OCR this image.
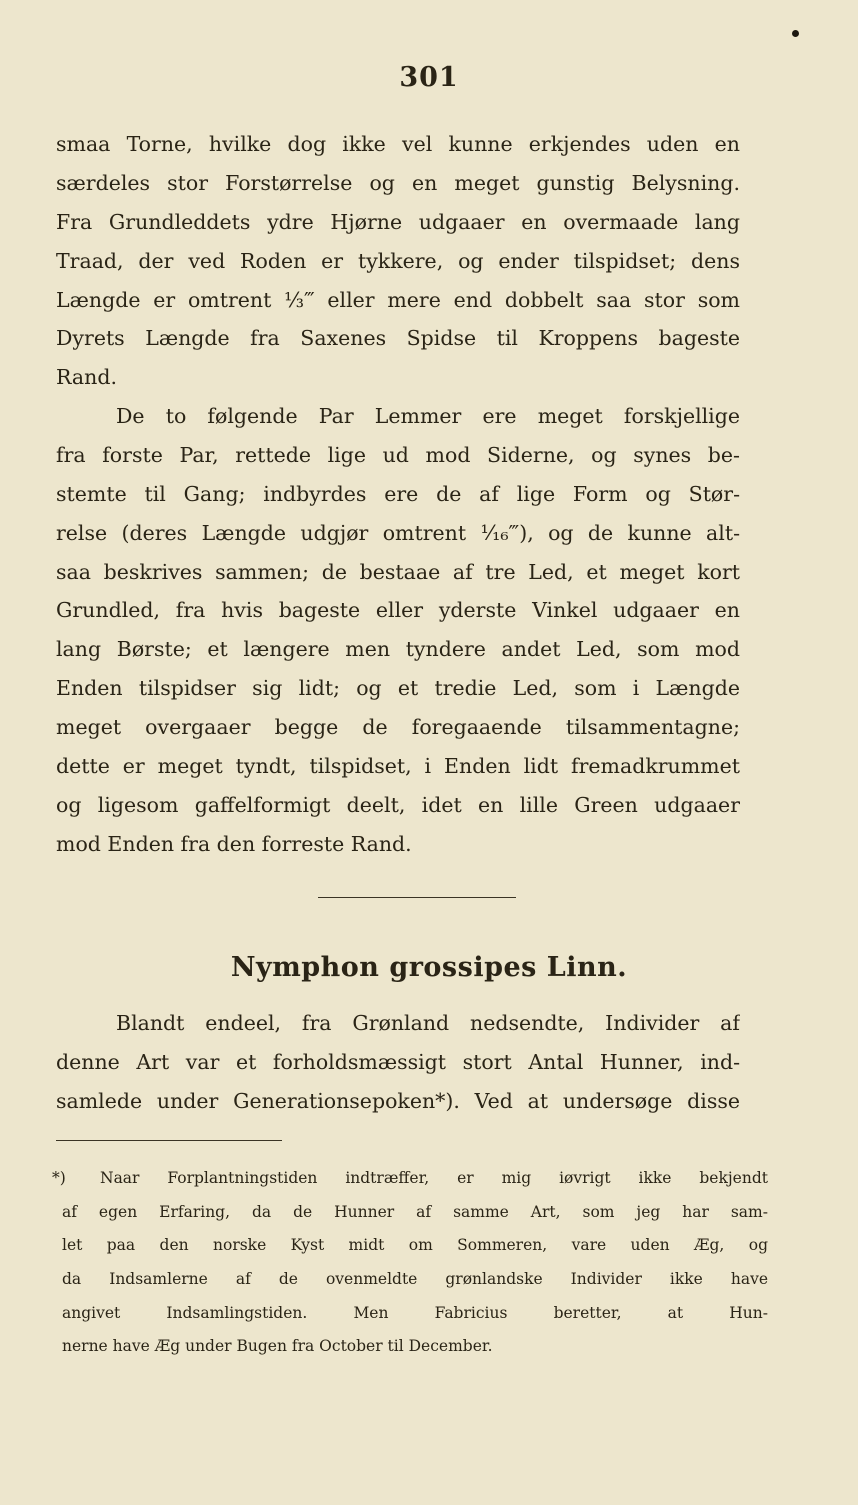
301
smaa Torne, hvilke dog ikke vel kunne erkjendes uden en
særdeles stor Forstørrelse og en meget gunstig Belysning.
Fra Grundleddets ydre Hjørne udgaaer en overmaade lang
Traad, der ved Roden er tykkere, og ender tilspidset; dens
Længde er omtrent ⅓‴ eller mere end dobbelt saa stor som
Dyrets Længde fra Saxenes Spidse til Kroppens bageste
Rand.
De to følgende Par Lemmer ere meget forskjellige
fra forste Par, rettede lige ud mod Siderne, og synes be-
stemte til Gang; indbyrdes ere de af lige Form og Stør-
relse (deres Længde udgjør omtrent ¹⁄₁₆‴), og de kunne alt-
saa beskrives sammen; de bestaae af tre Led, et meget kort
Grundled, fra hvis bageste eller yderste Vinkel udgaaer en
lang Børste; et længere men tyndere andet Led, som mod
Enden tilspidser sig lidt; og et tredie Led, som i Længde
meget overgaaer begge de foregaaende tilsammentagne;
dette er meget tyndt, tilspidset, i Enden lidt fremadkrummet
og ligesom gaffelformigt deelt, idet en lille Green udgaaer
mod Enden fra den forreste Rand.
Nymphon grossipes Linn.
Blandt endeel, fra Grønland nedsendte, Individer af
denne Art var et forholdsmæssigt stort Antal Hunner, ind-
samlede under Generationsepoken*). Ved at undersøge disse
*)	Naar Forplantningstiden indtræffer, er mig iøvrigt ikke bekjendt
af egen Erfaring, da de Hunner af samme Art, som jeg har sam-
let paa den norske Kyst midt om Sommeren, vare uden Æg, og
da Indsamlerne af de ovenmeldte grønlandske Individer ikke have
angivet Indsamlingstiden. Men Fabricius beretter, at Hun-
nerne have Æg under Bugen fra October til December.
